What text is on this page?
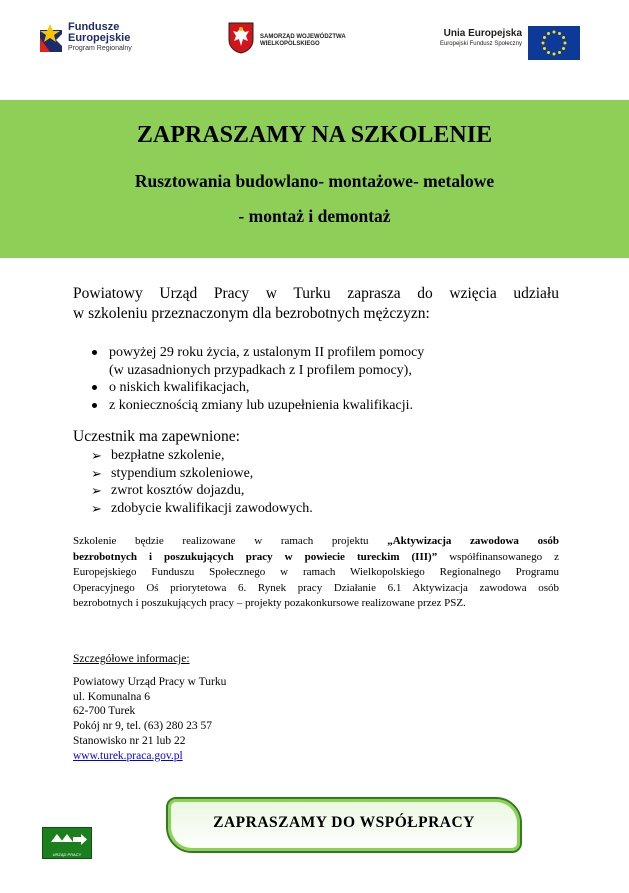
Fundusze
Europejskie
Program Regionalny
SAMORZĄD WOJEWÓDZTWA
WIELKOPOLSKIEGO
Unia Europejska
Europejski Fundusz Społeczny
ZAPRASZAMY NA SZKOLENIE
Rusztowania budowlano- montażowe- metalowe
- montaż i demontaż
Powiatowy Urząd Pracy w Turku zaprasza do wzięcia udziału
w szkoleniu przeznaczonym dla bezrobotnych mężczyzn:
powyżej 29 roku życia, z ustalonym II profilem pomocy
(w uzasadnionych przypadkach z I profilem pomocy),
o niskich kwalifikacjach,
z koniecznością zmiany lub uzupełnienia kwalifikacji.
Uczestnik ma zapewnione:
➢ bezpłatne szkolenie,
➢ stypendium szkoleniowe,
➢ zwrot kosztów dojazdu,
➢ zdobycie kwalifikacji zawodowych.
Szkolenie będzie realizowane w ramach projektu „Aktywizacja zawodowa osób
bezrobotnych i poszukujących pracy w powiecie tureckim (III)” współfinansowanego z
Europejskiego Funduszu Społecznego w ramach Wielkopolskiego Regionalnego Programu
Operacyjnego Oś priorytetowa 6. Rynek pracy Działanie 6.1 Aktywizacja zawodowa osób
bezrobotnych i poszukujących pracy – projekty pozakonkursowe realizowane przez PSZ.
Szczegółowe informacje:
Powiatowy Urząd Pracy w Turku
ul. Komunalna 6
62-700 Turek
Pokój nr 9, tel. (63) 280 23 57
Stanowisko nr 21 lub 22
www.turek.praca.gov.pl
URZĄD PRACY
ZAPRASZAMY DO WSPÓŁPRACY
